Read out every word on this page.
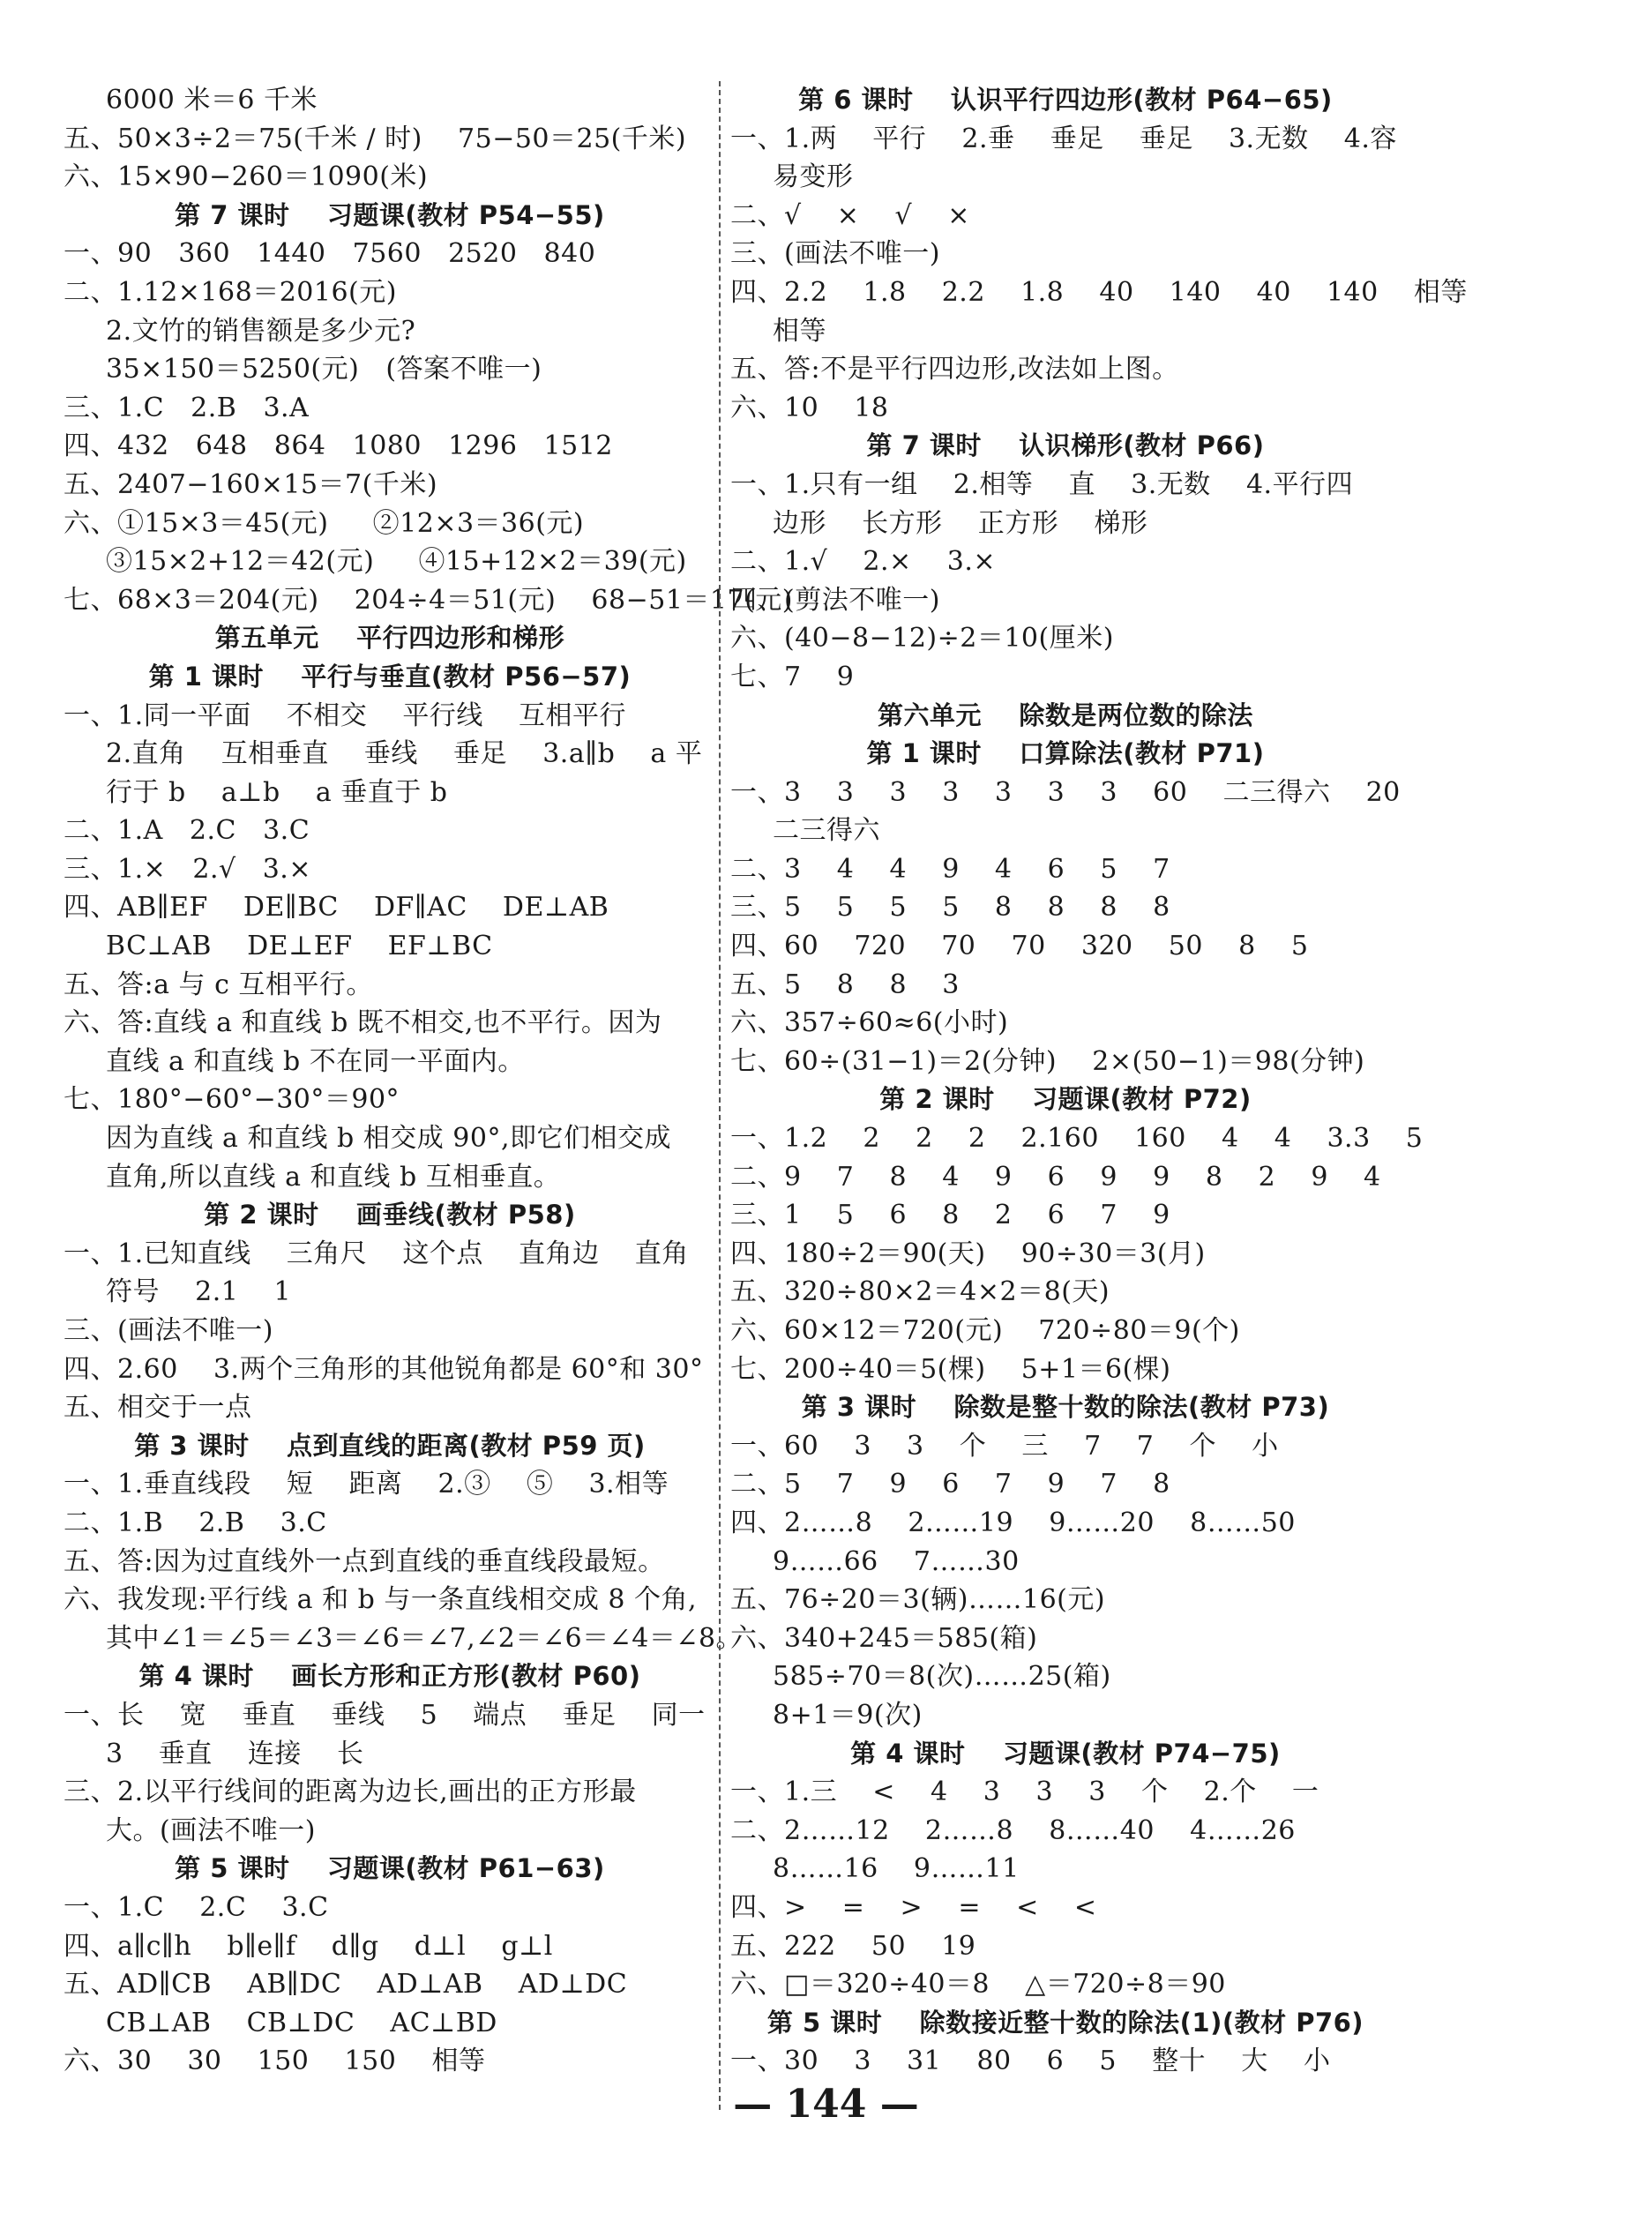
6000 米＝6 千米
五、50×3÷2＝75(千米 / 时)    75−50＝25(千米)
六、15×90−260＝1090(米)
第 7 课时    习题课(教材 P54−55)
一、90   360   1440   7560   2520   840
二、1.12×168＝2016(元)
2.文竹的销售额是多少元?
35×150＝5250(元)   (答案不唯一)
三、1.C   2.B   3.A
四、432   648   864   1080   1296   1512
五、2407−160×15＝7(千米)
六、①15×3＝45(元)     ②12×3＝36(元)
③15×2+12＝42(元)     ④15+12×2＝39(元)
七、68×3＝204(元)    204÷4＝51(元)    68−51＝17(元)
第五单元    平行四边形和梯形
第 1 课时    平行与垂直(教材 P56−57)
一、1.同一平面    不相交    平行线    互相平行
2.直角    互相垂直    垂线    垂足    3.a∥b    a 平
行于 b    a⊥b    a 垂直于 b
二、1.A   2.C   3.C
三、1.×   2.√   3.×
四、AB∥EF    DE∥BC    DF∥AC    DE⊥AB
BC⊥AB    DE⊥EF    EF⊥BC
五、答:a 与 c 互相平行。
六、答:直线 a 和直线 b 既不相交,也不平行。因为
直线 a 和直线 b 不在同一平面内。
七、180°−60°−30°＝90°
因为直线 a 和直线 b 相交成 90°,即它们相交成
直角,所以直线 a 和直线 b 互相垂直。
第 2 课时    画垂线(教材 P58)
一、1.已知直线    三角尺    这个点    直角边    直角
符号    2.1    1
三、(画法不唯一)
四、2.60    3.两个三角形的其他锐角都是 60°和 30°
五、相交于一点
第 3 课时    点到直线的距离(教材 P59 页)
一、1.垂直线段    短    距离    2.③    ⑤    3.相等
二、1.B    2.B    3.C
五、答:因为过直线外一点到直线的垂直线段最短。
六、我发现:平行线 a 和 b 与一条直线相交成 8 个角,
其中∠1＝∠5＝∠3＝∠6＝∠7,∠2＝∠6＝∠4＝∠8。
第 4 课时    画长方形和正方形(教材 P60)
一、长    宽    垂直    垂线    5    端点    垂足    同一
3    垂直    连接    长
三、2.以平行线间的距离为边长,画出的正方形最
大。(画法不唯一)
第 5 课时    习题课(教材 P61−63)
一、1.C    2.C    3.C
四、a∥c∥h    b∥e∥f    d∥g    d⊥l    g⊥l
五、AD∥CB    AB∥DC    AD⊥AB    AD⊥DC
CB⊥AB    CB⊥DC    AC⊥BD
六、30    30    150    150    相等
第 6 课时    认识平行四边形(教材 P64−65)
一、1.两    平行    2.垂    垂足    垂足    3.无数    4.容
易变形
二、√    ×    √    ×
三、(画法不唯一)
四、2.2    1.8    2.2    1.8    40    140    40    140    相等
相等
五、答:不是平行四边形,改法如上图。
六、10    18
第 7 课时    认识梯形(教材 P66)
一、1.只有一组    2.相等    直    3.无数    4.平行四
边形    长方形    正方形    梯形
二、1.√    2.×    3.×
四、(剪法不唯一)
六、(40−8−12)÷2＝10(厘米)
七、7    9
第六单元    除数是两位数的除法
第 1 课时    口算除法(教材 P71)
一、3    3    3    3    3    3    3    60    二三得六    20
二三得六
二、3    4    4    9    4    6    5    7
三、5    5    5    5    8    8    8    8
四、60    720    70    70    320    50    8    5
五、5    8    8    3
六、357÷60≈6(小时)
七、60÷(31−1)＝2(分钟)    2×(50−1)＝98(分钟)
第 2 课时    习题课(教材 P72)
一、1.2    2    2    2    2.160    160    4    4    3.3    5
二、9    7    8    4    9    6    9    9    8    2    9    4
三、1    5    6    8    2    6    7    9
四、180÷2＝90(天)    90÷30＝3(月)
五、320÷80×2＝4×2＝8(天)
六、60×12＝720(元)    720÷80＝9(个)
七、200÷40＝5(棵)    5+1＝6(棵)
第 3 课时    除数是整十数的除法(教材 P73)
一、60    3    3    个    三    7    7    个    小
二、5    7    9    6    7    9    7    8
四、2……8    2……19    9……20    8……50
9……66    7……30
五、76÷20＝3(辆)……16(元)
六、340+245＝585(箱)
585÷70＝8(次)……25(箱)
8+1＝9(次)
第 4 课时    习题课(教材 P74−75)
一、1.三    <    4    3    3    3    个    2.个    一
二、2……12    2……8    8……40    4……26
8……16    9……11
四、>    =    >    =    <    <
五、222    50    19
六、□＝320÷40＝8    △＝720÷8＝90
第 5 课时    除数接近整十数的除法(1)(教材 P76)
一、30    3    31    80    6    5    整十    大    小
— 144 —
